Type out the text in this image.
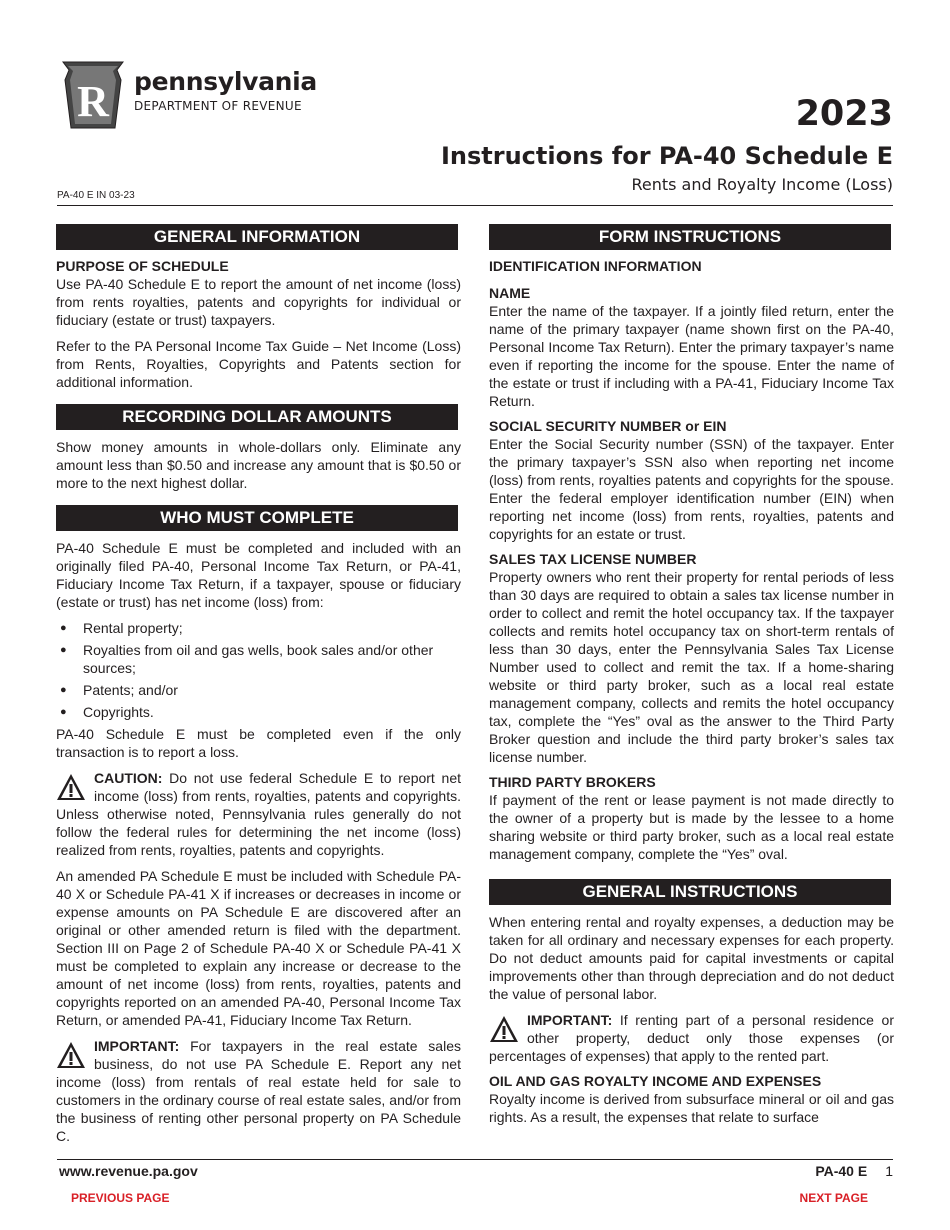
R pennsylvania
DEPARTMENT OF REVENUE	2023
Instructions for PA-40 Schedule E
Rents and Royalty Income (Loss)
PA-40 E IN 03-23
GENERAL INFORMATION
PURPOSE OF SCHEDULE

Use PA-40 Schedule E to report the amount of net income (loss) from rents royalties, patents and copyrights for individual or fiduciary (estate or trust) taxpayers.

Refer to the PA Personal Income Tax Guide – Net Income (Loss) from Rents, Royalties, Copyrights and Patents section for additional information.

RECORDING DOLLAR AMOUNTS

Show money amounts in whole-dollars only. Eliminate any amount less than $0.50 and increase any amount that is $0.50 or more to the next highest dollar.

WHO MUST COMPLETE

PA-40 Schedule E must be completed and included with an originally filed PA-40, Personal Income Tax Return, or PA-41, Fiduciary Income Tax Return, if a taxpayer, spouse or fiduciary (estate or trust) has net income (loss) from:

● Rental property;
● Royalties from oil and gas wells, book sales and/or other sources;
● Patents; and/or
● Copyrights.

PA-40 Schedule E must be completed even if the only transaction is to report a loss.

CAUTION: Do not use federal Schedule E to report net income (loss) from rents, royalties, patents and copyrights. Unless otherwise noted, Pennsylvania rules generally do not follow the federal rules for determining the net income (loss) realized from rents, royalties, patents and copyrights.

An amended PA Schedule E must be included with Schedule PA-40 X or Schedule PA-41 X if increases or decreases in income or expense amounts on PA Schedule E are discovered after an original or other amended return is filed with the department. Section III on Page 2 of Schedule PA-40 X or Schedule PA-41 X must be completed to explain any increase or decrease to the amount of net income (loss) from rents, royalties, patents and copyrights reported on an amended PA-40, Personal Income Tax Return, or amended PA-41, Fiduciary Income Tax Return.

IMPORTANT: For taxpayers in the real estate sales business, do not use PA Schedule E. Report any net income (loss) from rentals of real estate held for sale to customers in the ordinary course of real estate sales, and/or from the business of renting other personal property on PA Schedule C.
FORM INSTRUCTIONS
IDENTIFICATION INFORMATION
NAME

Enter the name of the taxpayer. If a jointly filed return, enter the name of the primary taxpayer (name shown first on the PA-40, Personal Income Tax Return). Enter the primary taxpayer’s name even if reporting the income for the spouse. Enter the name of the estate or trust if including with a PA-41, Fiduciary Income Tax Return.

SOCIAL SECURITY NUMBER or EIN

Enter the Social Security number (SSN) of the taxpayer. Enter the primary taxpayer’s SSN also when reporting net income (loss) from rents, royalties patents and copyrights for the spouse. Enter the federal employer identification number (EIN) when reporting net income (loss) from rents, royalties, patents and copyrights for an estate or trust.

SALES TAX LICENSE NUMBER

Property owners who rent their property for rental periods of less than 30 days are required to obtain a sales tax license number in order to collect and remit the hotel occupancy tax. If the taxpayer collects and remits hotel occupancy tax on short-term rentals of less than 30 days, enter the Pennsylvania Sales Tax License Number used to collect and remit the tax. If a home-sharing website or third party broker, such as a local real estate management company, collects and remits the hotel occupancy tax, complete the “Yes” oval as the answer to the Third Party Broker question and include the third party broker’s sales tax license number.

THIRD PARTY BROKERS

If payment of the rent or lease payment is not made directly to the owner of a property but is made by the lessee to a home sharing website or third party broker, such as a local real estate management company, complete the “Yes” oval.

GENERAL INSTRUCTIONS

When entering rental and royalty expenses, a deduction may be taken for all ordinary and necessary expenses for each property. Do not deduct amounts paid for capital investments or capital improvements other than through depreciation and do not deduct the value of personal labor.

IMPORTANT: If renting part of a personal residence or other property, deduct only those expenses (or percentages of expenses) that apply to the rented part.
OIL AND GAS ROYALTY INCOME AND EXPENSES

Royalty income is derived from subsurface mineral or oil and gas rights. As a result, the expenses that relate to surface

www.revenue.pa.gov	PA-40 E 1
PREVIOUS PAGE	NEXT PAGE
